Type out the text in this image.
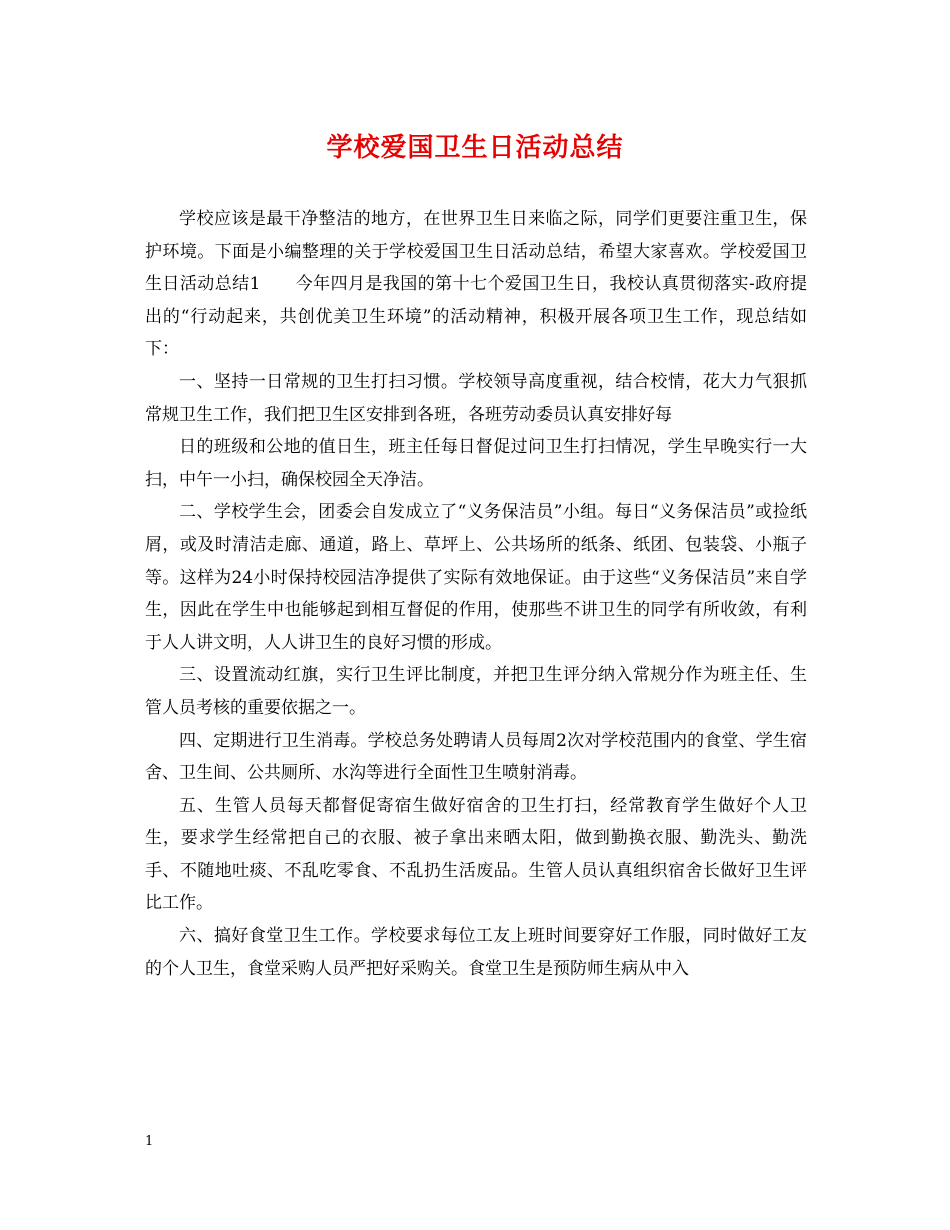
学校爱国卫生日活动总结

学校应该是最干净整洁的地方，在世界卫生日来临之际，同学们更要注重卫生，保护环境。下面是小编整理的关于学校爱国卫生日活动总结，希望大家喜欢。学校爱国卫生日活动总结1　　今年四月是我国的第十七个爱国卫生日，我校认真贯彻落实-政府提出的“行动起来，共创优美卫生环境”的活动精神，积极开展各项卫生工作，现总结如下：

一、坚持一日常规的卫生打扫习惯。学校领导高度重视，结合校情，花大力气狠抓常规卫生工作，我们把卫生区安排到各班，各班劳动委员认真安排好每

日的班级和公地的值日生，班主任每日督促过问卫生打扫情况，学生早晚实行一大扫，中午一小扫，确保校园全天净洁。

二、学校学生会，团委会自发成立了“义务保洁员”小组。每日“义务保洁员”或捡纸屑，或及时清洁走廊、通道，路上、草坪上、公共场所的纸条、纸团、包装袋、小瓶子等。这样为24小时保持校园洁净提供了实际有效地保证。由于这些“义务保洁员”来自学生，因此在学生中也能够起到相互督促的作用，使那些不讲卫生的同学有所收敛，有利于人人讲文明，人人讲卫生的良好习惯的形成。

三、设置流动红旗，实行卫生评比制度，并把卫生评分纳入常规分作为班主任、生管人员考核的重要依据之一。

四、定期进行卫生消毒。学校总务处聘请人员每周2次对学校范围内的食堂、学生宿舍、卫生间、公共厕所、水沟等进行全面性卫生喷射消毒。

五、生管人员每天都督促寄宿生做好宿舍的卫生打扫，经常教育学生做好个人卫生，要求学生经常把自己的衣服、被子拿出来晒太阳，做到勤换衣服、勤洗头、勤洗手、不随地吐痰、不乱吃零食、不乱扔生活废品。生管人员认真组织宿舍长做好卫生评比工作。

六、搞好食堂卫生工作。学校要求每位工友上班时间要穿好工作服，同时做好工友的个人卫生，食堂采购人员严把好采购关。食堂卫生是预防师生病从中入

1
